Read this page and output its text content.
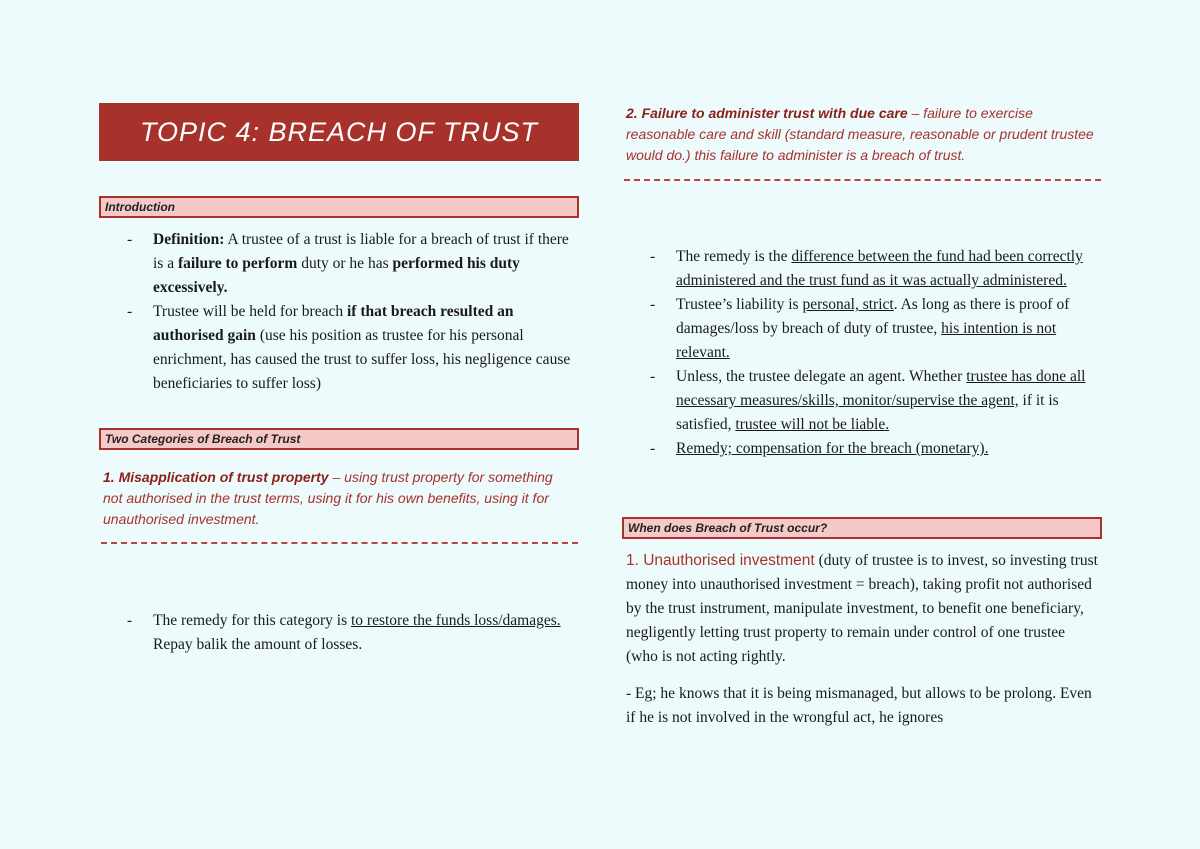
TOPIC 4: BREACH OF TRUST
Introduction
- Definition: A trustee of a trust is liable for a breach of trust if there is a failure to perform duty or he has performed his duty excessively.
- Trustee will be held for breach if that breach resulted an authorised gain (use his position as trustee for his personal enrichment, has caused the trust to suffer loss, his negligence cause beneficiaries to suffer loss)
Two Categories of Breach of Trust
1. Misapplication of trust property – using trust property for something not authorised in the trust terms, using it for his own benefits, using it for unauthorised investment.
- The remedy for this category is to restore the funds loss/damages. Repay balik the amount of losses.
2. Failure to administer trust with due care – failure to exercise reasonable care and skill (standard measure, reasonable or prudent trustee would do.) this failure to administer is a breach of trust.
- The remedy is the difference between the fund had been correctly administered and the trust fund as it was actually administered.
- Trustee’s liability is personal, strict. As long as there is proof of damages/loss by breach of duty of trustee, his intention is not relevant.
- Unless, the trustee delegate an agent. Whether trustee has done all necessary measures/skills, monitor/supervise the agent, if it is satisfied, trustee will not be liable.
- Remedy; compensation for the breach (monetary).
When does Breach of Trust occur?
1. Unauthorised investment (duty of trustee is to invest, so investing trust money into unauthorised investment = breach), taking profit not authorised by the trust instrument, manipulate investment, to benefit one beneficiary, negligently letting trust property to remain under control of one trustee (who is not acting rightly.
- Eg; he knows that it is being mismanaged, but allows to be prolong. Even if he is not involved in the wrongful act, he ignores
